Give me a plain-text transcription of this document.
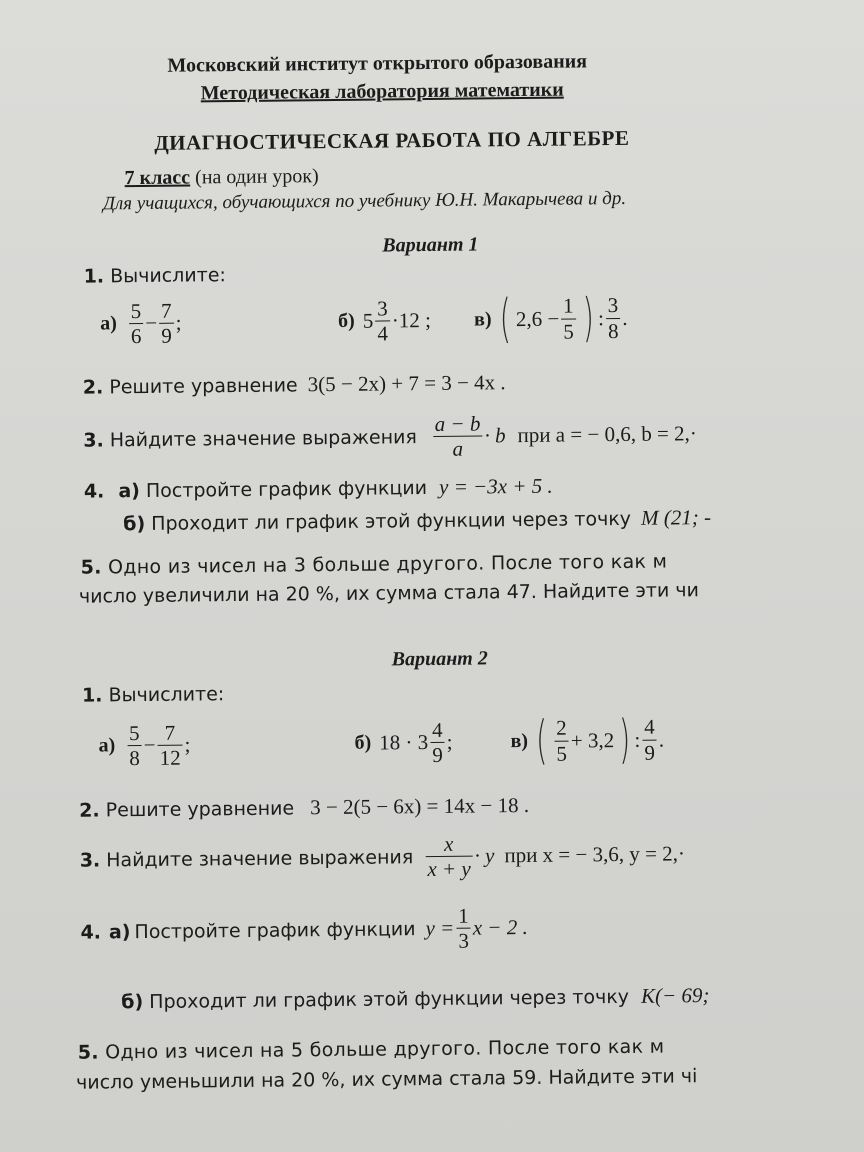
Московский институт открытого образования
Методическая лаборатория математики
ДИАГНОСТИЧЕСКАЯ РАБОТА ПО АЛГЕБРЕ
7 класс (на один урок)
Для учащихся, обучающихся по учебнику Ю.Н. Макарычева и др.
Вариант 1
1. Вычислите:
$а) \frac{5}{6} - \frac{7}{9}$ ;	б) $5 \frac{3}{4} \cdot 12$ ; в) ( $2,6 - \frac{1}{5}$ ) : $\frac{3}{8}$ .
2. Решите уравнение 3(5 − 2x) + 7 = 3 − 4x .
3. Найдите значение выражения $\frac{a - b}{a} \cdot b$ при a = − 0,6, b = 2,·
4. а) Постройте график функции y = −3x + 5 .
б) Проходит ли график этой функции через точку M (21; -
5. Одно из чисел на 3 больше другого. После того как м
число увеличили на 20 %, их сумма стала 47. Найдите эти чи
Вариант 2
1. Вычислите:
$а) \frac{5}{8} - \frac{7}{12}$ ;	б) $18 \cdot 3 \frac{4}{9}$ ;	в) ( $\frac{2}{5} + 3,2$ ) : $\frac{4}{9}$ .
2. Решите уравнение 3 − 2(5 − 6x) = 14x − 18 .
3. Найдите значение выражения $\frac{x}{x + y} \cdot y$ при x = − 3,6, y = 2,·
4. а) Постройте график функции $y = \frac{1}{3}$ x − 2 .
б) Проходит ли график этой функции через точку K(− 69;
5. Одно из чисел на 5 больше другого. После того как м
число уменьшили на 20 %, их сумма стала 59. Найдите эти чі
